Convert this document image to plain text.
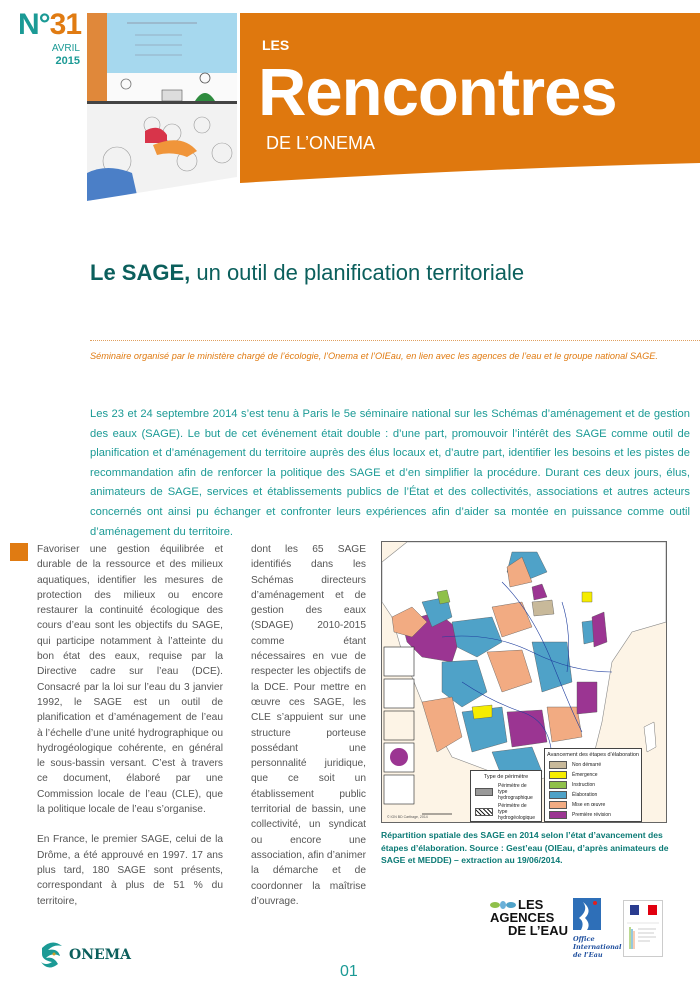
N°31
AVRIL
2015
LES
Rencontres
DE L’ONEMA
Le SAGE, un outil de planification territoriale
Séminaire organisé par le ministère chargé de l’écologie, l’Onema et l’OIEau, en lien avec les agences de l’eau et le groupe national SAGE.
Les 23 et 24 septembre 2014 s’est tenu à Paris le 5e séminaire national sur les Schémas d’aménagement et de gestion des eaux (SAGE). Le but de cet événement était double : d’une part, promouvoir l’intérêt des SAGE comme outil de planification et d’aménagement du territoire auprès des élus locaux et, d’autre part, identifier les besoins et les pistes de recommandation afin de renforcer la politique des SAGE et d’en simplifier la procédure. Durant ces deux jours, élus, animateurs de SAGE, services et établissements publics de l’État et des collectivités, associations et autres acteurs concernés ont ainsi pu échanger et confronter leurs expériences afin d’aider sa montée en puissance comme outil d’aménagement du territoire.

Favoriser une gestion équilibrée et durable de la ressource et des milieux aquatiques, identifier les mesures de protection des milieux ou encore restaurer la continuité écologique des cours d’eau sont les objectifs du SAGE, qui participe notamment à l’atteinte du bon état des eaux, requise par la Directive cadre sur l’eau (DCE). Consacré par la loi sur l’eau du 3 janvier 1992, le SAGE est un outil de planification et d’aménagement de l’eau à l’échelle d’une unité hydrographique ou hydrogéologique cohérente, en général le sous-bassin versant. C’est à travers ce document, élaboré par une Commission locale de l’eau (CLE), que la politique locale de l’eau s’organise.

En France, le premier SAGE, celui de la Drôme, a été approuvé en 1997. 17 ans plus tard, 180 SAGE sont présents, correspondant à plus de 51 % du territoire,

dont les 65 SAGE identifiés dans les Schémas directeurs d’aménagement et de gestion des eaux (SDAGE) 2010-2015 comme étant nécessaires en vue de respecter les objectifs de la DCE. Pour mettre en œuvre ces SAGE, les CLE s’appuient sur une structure porteuse possédant une personnalité juridique, que ce soit un établissement public territorial de bassin, une collectivité, un syndicat ou encore une association, afin d’animer la démarche et de coordonner la maîtrise d’ouvrage.

© IGN BD Carthage, 2014
Type de périmètre
Périmètre de type hydrographique
Périmètre de type hydrogéologique
Avancement des étapes d’élaboration
Non démarré
Émergence
Instruction
Élaboration
Mise en œuvre
Première révision
Répartition spatiale des SAGE en 2014 selon l’état d’avancement des étapes d’élaboration. Source : Gest’eau (OIEau, d’après animateurs de SAGE et MEDDE) – extraction au 19/06/2014.
ONEMA
01
LES
AGENCES
DE L’EAU
Office
International
de l’Eau
